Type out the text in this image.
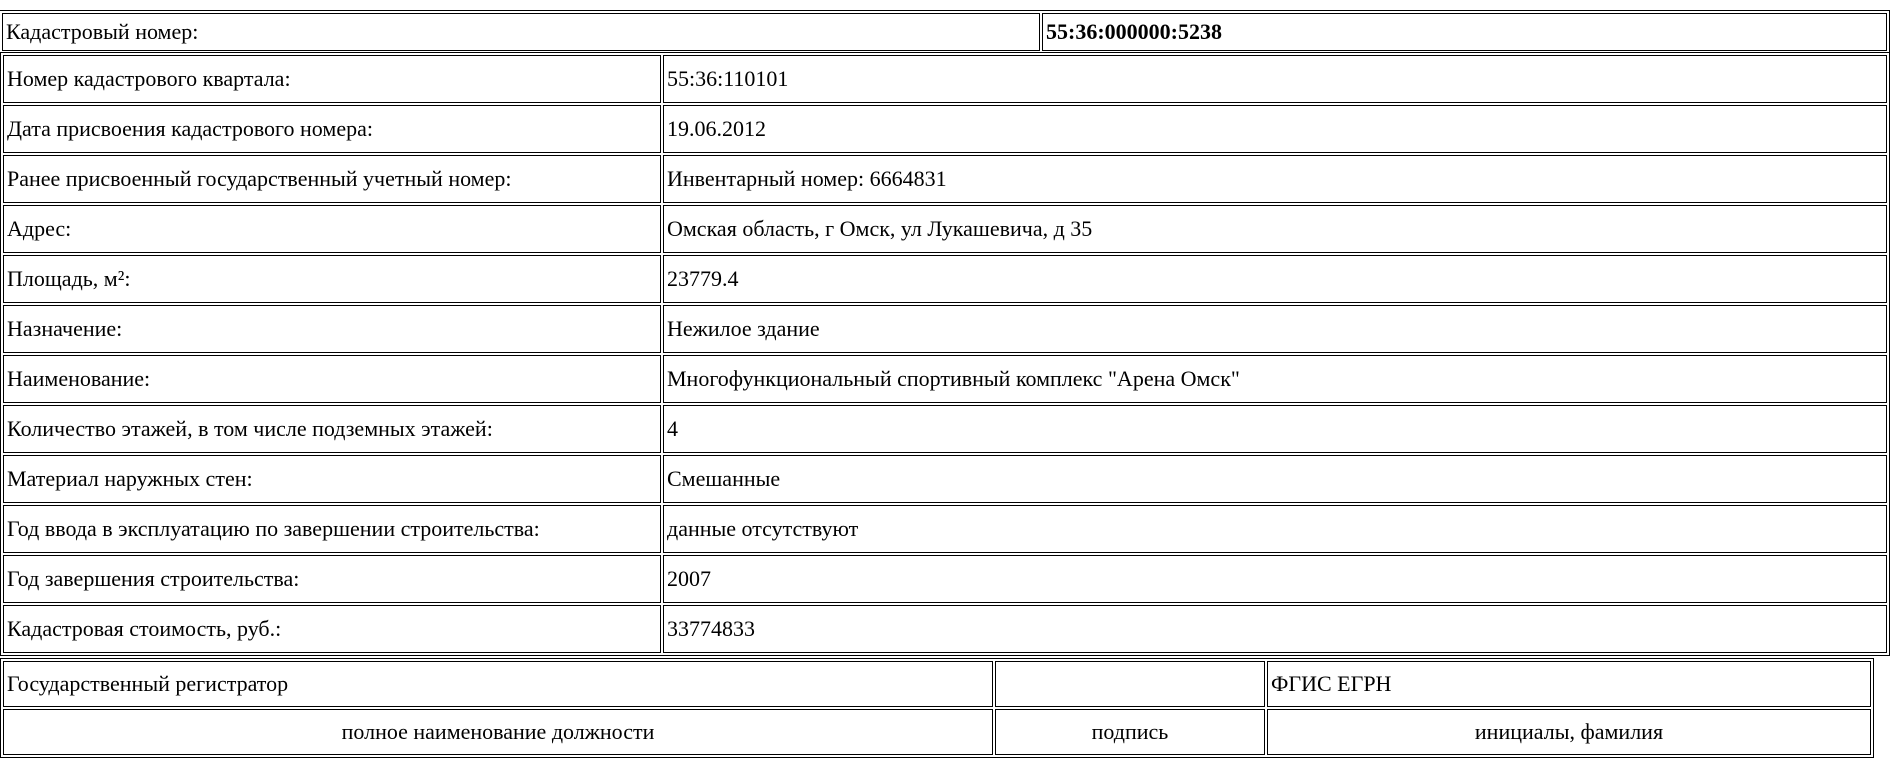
Кадастровый номер:	55:36:000000:5238
Номер кадастрового квартала:	55:36:110101
Дата присвоения кадастрового номера:	19.06.2012
Ранее присвоенный государственный учетный номер:	Инвентарный номер: 6664831
Адрес:	Омская область, г Омск, ул Лукашевича, д 35
Площадь, м²:	23779.4
Назначение:	Нежилое здание
Наименование:	Многофункциональный спортивный комплекс "Арена Омск"
Количество этажей, в том числе подземных этажей:	4
Материал наружных стен:	Смешанные
Год ввода в эксплуатацию по завершении строительства:	данные отсутствуют
Год завершения строительства:	2007
Кадастровая стоимость, руб.:	33774833
Государственный регистратор		ФГИС ЕГРН
полное наименование должности	подпись	инициалы, фамилия
